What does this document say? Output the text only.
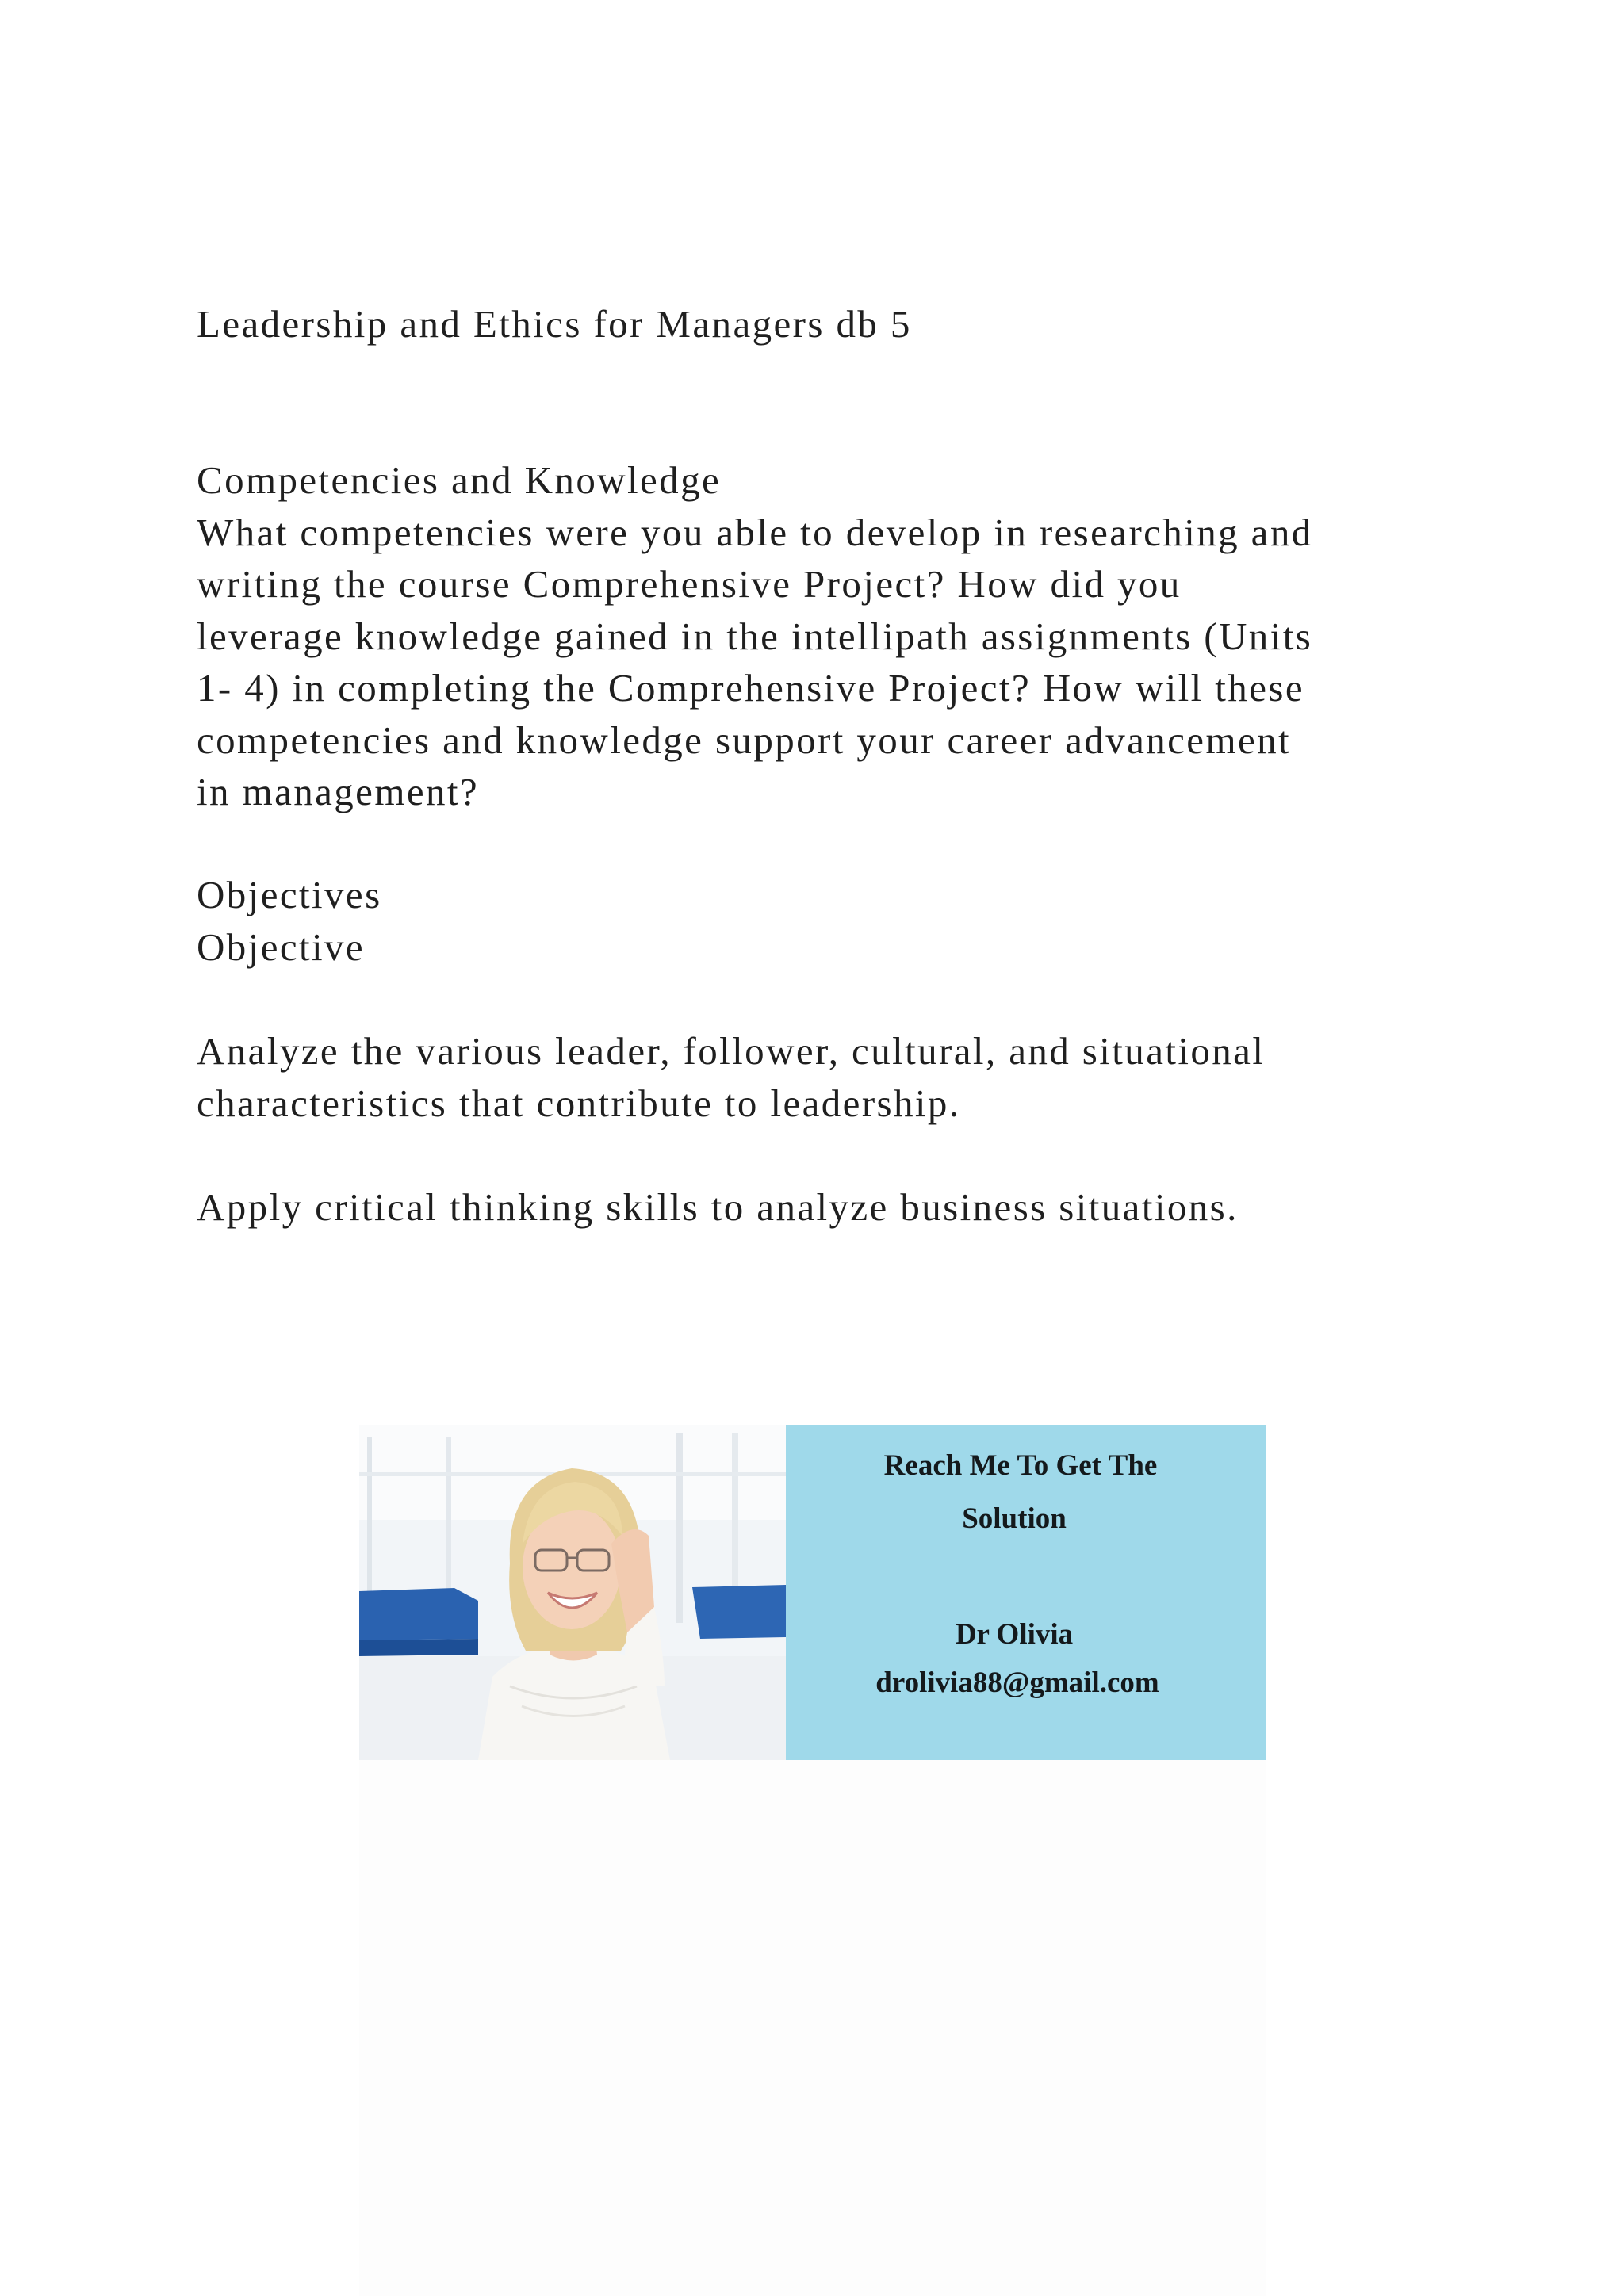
Leadership and Ethics for Managers db 5
Competencies and Knowledge
What competencies were you able to develop in researching and
writing the course Comprehensive Project? How did you
leverage knowledge gained in the intellipath assignments (Units
1- 4) in completing the Comprehensive Project? How will these
competencies and knowledge support your career advancement
in management?
Objectives
Objective
Analyze the various leader, follower, cultural, and situational
characteristics that contribute to leadership.
Apply critical thinking skills to analyze business situations.
Reach Me To Get The
Solution
Dr Olivia
drolivia88@gmail.com
